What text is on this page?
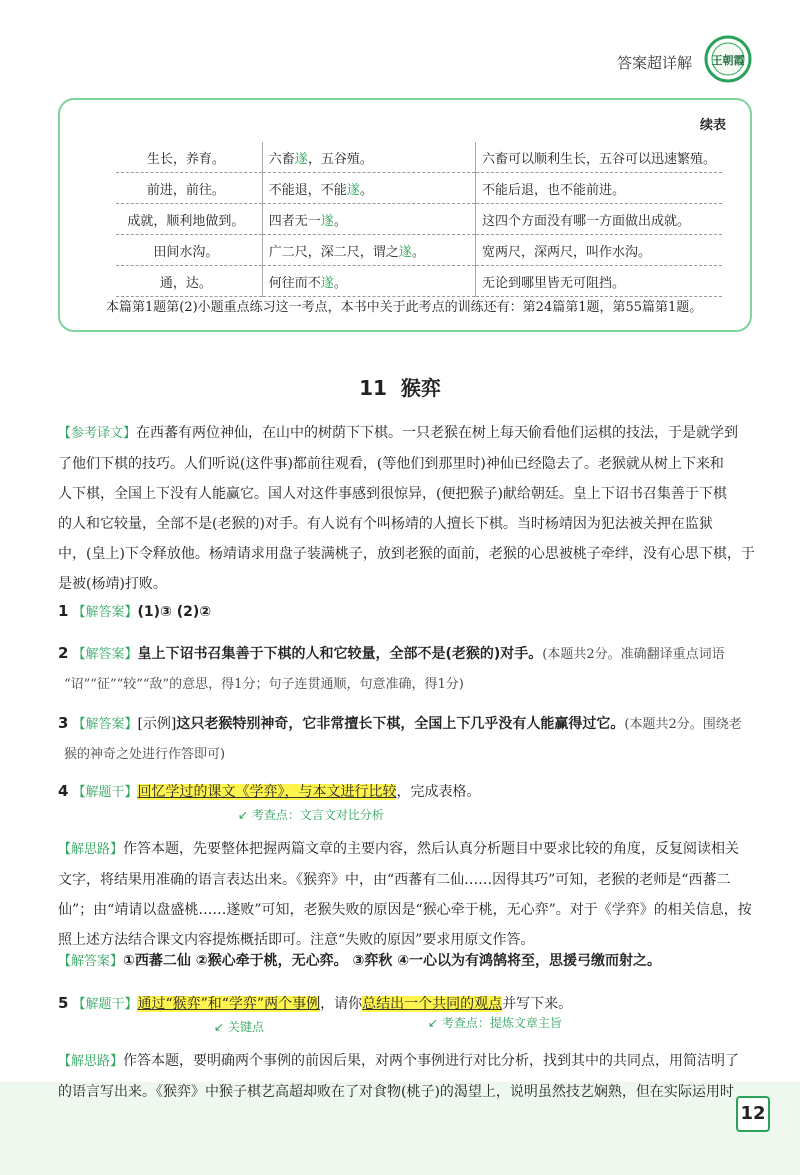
答案超详解 王朝霞
续表
生长，养育。	六畜遂，五谷殖。	六畜可以顺利生长，五谷可以迅速繁殖。
前进，前往。	不能退，不能遂。	不能后退，也不能前进。
成就，顺利地做到。	四者无一遂。	这四个方面没有哪一方面做出成就。
田间水沟。	广二尺，深二尺，谓之遂。	宽两尺，深两尺，叫作水沟。
通，达。	何往而不遂。	无论到哪里皆无可阻挡。
本篇第1题第(2)小题重点练习这一考点，本书中关于此考点的训练还有：第24篇第1题，第55篇第1题。
11 猴弈
【参考译文】在西蕃有两位神仙，在山中的树荫下下棋。一只老猴在树上每天偷看他们运棋的技法，于是就学到
了他们下棋的技巧。人们听说(这件事)都前往观看，(等他们到那里时)神仙已经隐去了。老猴就从树上下来和
人下棋，全国上下没有人能赢它。国人对这件事感到很惊异，(便把猴子)献给朝廷。皇上下诏书召集善于下棋
的人和它较量，全部不是(老猴的)对手。有人说有个叫杨靖的人擅长下棋。当时杨靖因为犯法被关押在监狱
中，(皇上)下令释放他。杨靖请求用盘子装满桃子，放到老猴的面前，老猴的心思被桃子牵绊，没有心思下棋，于
是被(杨靖)打败。
1 【解答案】(1)③ (2)②
2 【解答案】皇上下诏书召集善于下棋的人和它较量，全部不是(老猴的)对手。(本题共2分。准确翻译重点词语
“诏”“征”“较”“敌”的意思，得1分；句子连贯通顺，句意准确，得1分)
3 【解答案】[示例]这只老猴特别神奇，它非常擅长下棋，全国上下几乎没有人能赢得过它。(本题共2分。围绕老
猴的神奇之处进行作答即可)
4 【解题干】回忆学过的课文《学弈》，与本文进行比较，完成表格。
↙ 考查点：文言文对比分析
【解思路】作答本题，先要整体把握两篇文章的主要内容，然后认真分析题目中要求比较的角度，反复阅读相关
文字，将结果用准确的语言表达出来。《猴弈》中，由“西蕃有二仙……因得其巧”可知，老猴的老师是“西蕃二
仙”；由“靖请以盘盛桃……遂败”可知，老猴失败的原因是“猴心牵于桃，无心弈”。对于《学弈》的相关信息，按
照上述方法结合课文内容提炼概括即可。注意“失败的原因”要求用原文作答。
【解答案】①西蕃二仙 ②猴心牵于桃，无心弈。 ③弈秋 ④一心以为有鸿鹄将至，思援弓缴而射之。
5 【解题干】通过“猴弈”和“学弈”两个事例，请你总结出一个共同的观点并写下来。
↙ 关键点	↙ 考查点：提炼文章主旨
【解思路】作答本题，要明确两个事例的前因后果，对两个事例进行对比分析，找到其中的共同点，用简洁明了
的语言写出来。《猴弈》中猴子棋艺高超却败在了对食物(桃子)的渴望上，说明虽然技艺娴熟，但在实际运用时
12
